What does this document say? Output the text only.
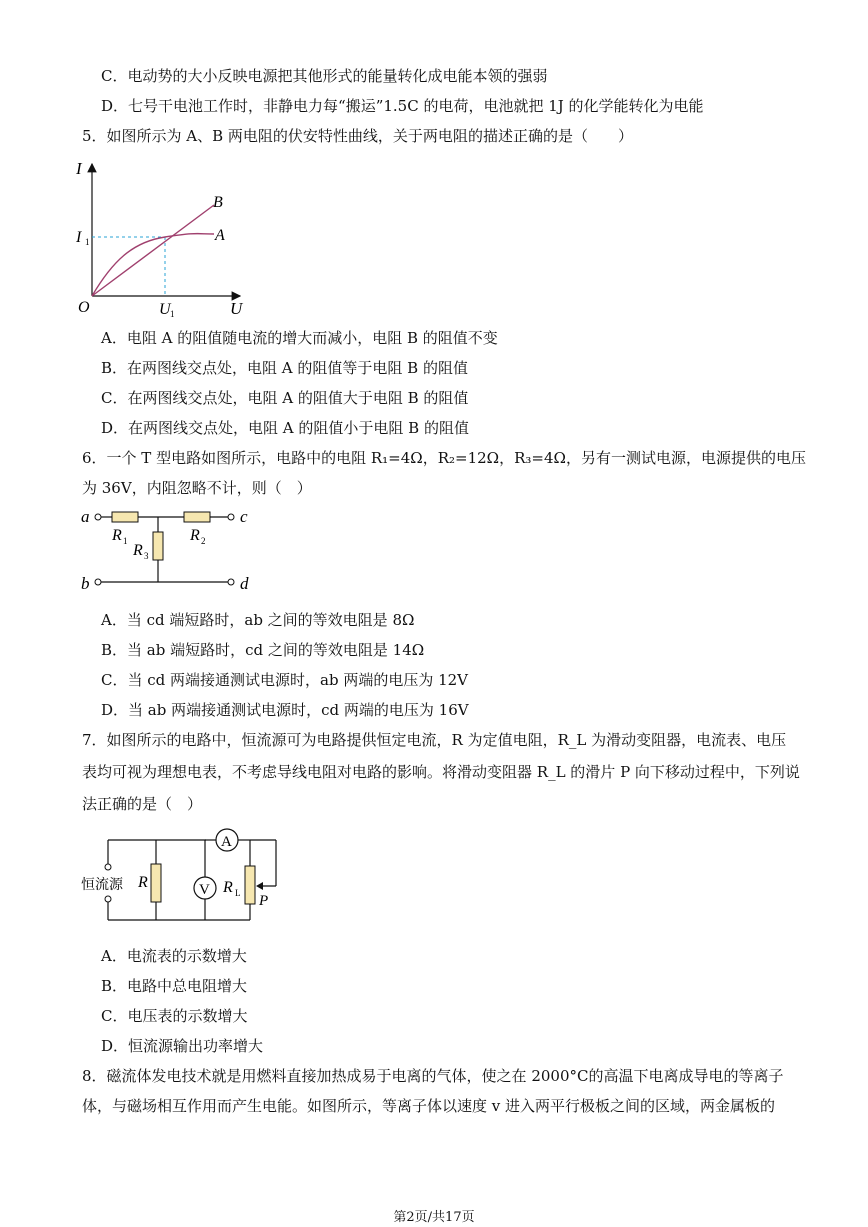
C．电动势的大小反映电源把其他形式的能量转化成电能本领的强弱
D．七号干电池工作时，非静电力每“搬运”1.5C 的电荷，电池就把 1J 的化学能转化为电能
5．如图所示为 A、B 两电阻的伏安特性曲线，关于两电阻的描述正确的是（　　）
I
U
O
I 1
U 1
B
A
A．电阻 A 的阻值随电流的增大而减小，电阻 B 的阻值不变
B．在两图线交点处，电阻 A 的阻值等于电阻 B 的阻值
C．在两图线交点处，电阻 A 的阻值大于电阻 B 的阻值
D．在两图线交点处，电阻 A 的阻值小于电阻 B 的阻值
6．一个 T 型电路如图所示，电路中的电阻 R₁=4Ω，R₂=12Ω，R₃=4Ω，另有一测试电源，电源提供的电压
为 36V，内阻忽略不计，则（　）
a	c
b	d
R 1	R 2
R 3
A．当 cd 端短路时，ab 之间的等效电阻是 8Ω
B．当 ab 端短路时，cd 之间的等效电阻是 14Ω
C．当 cd 两端接通测试电源时，ab 两端的电压为 12V
D．当 ab 两端接通测试电源时，cd 两端的电压为 16V
7．如图所示的电路中，恒流源可为电路提供恒定电流，R 为定值电阻，R_L 为滑动变阻器，电流表、电压
表均可视为理想电表，不考虑导线电阻对电路的影响。将滑动变阻器 R_L 的滑片 P 向下移动过程中，下列说
法正确的是（　）
恒流源 R	V
A
R L P
A．电流表的示数增大
B．电路中总电阻增大
C．电压表的示数增大
D．恒流源输出功率增大
8．磁流体发电技术就是用燃料直接加热成易于电离的气体，使之在 2000°C的高温下电离成导电的等离子
体，与磁场相互作用而产生电能。如图所示，等离子体以速度 v 进入两平行极板之间的区域，两金属板的
第2页/共17页
